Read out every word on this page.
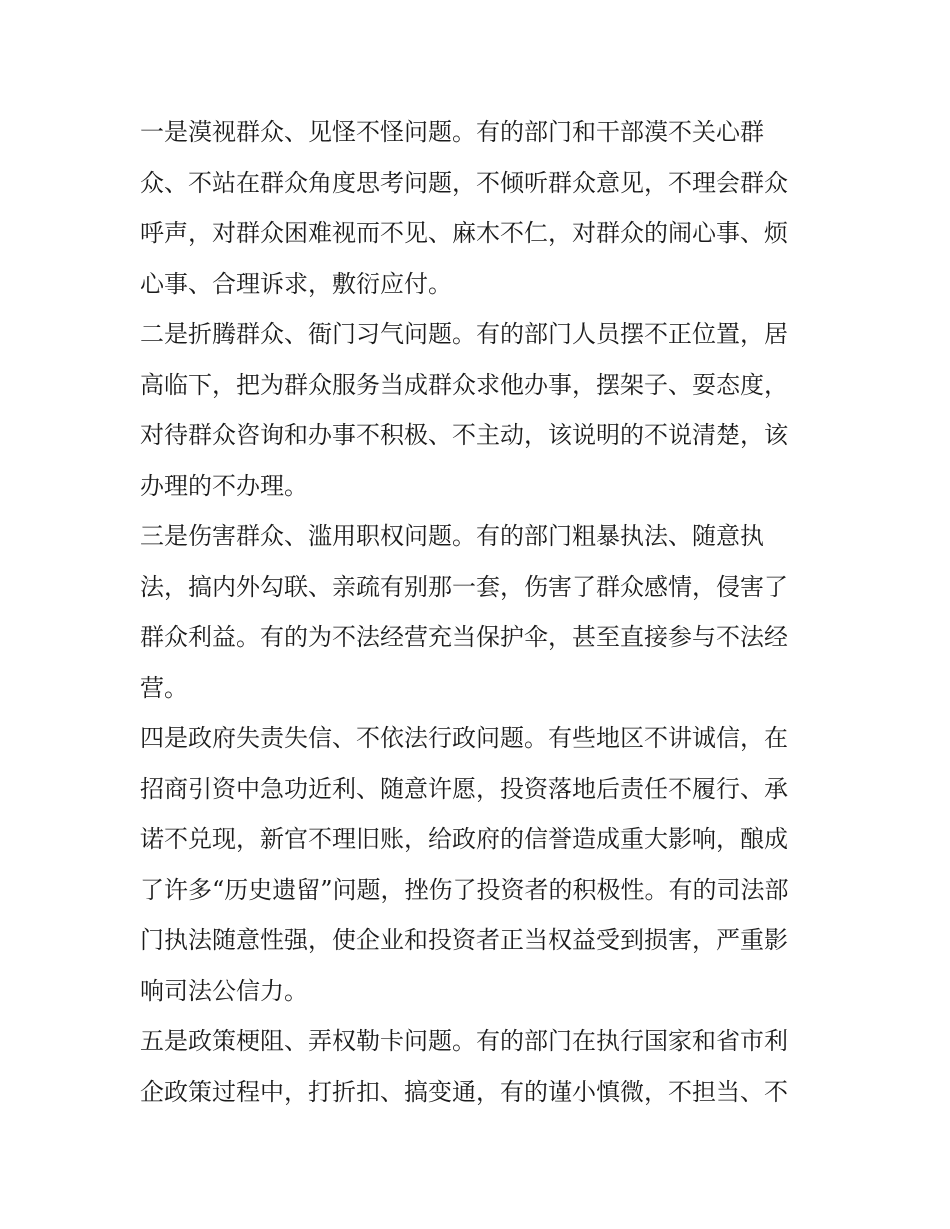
一是漠视群众、见怪不怪问题。有的部门和干部漠不关心群
众、不站在群众角度思考问题，不倾听群众意见，不理会群众
呼声，对群众困难视而不见、麻木不仁，对群众的闹心事、烦
心事、合理诉求，敷衍应付。

二是折腾群众、衙门习气问题。有的部门人员摆不正位置，居
高临下，把为群众服务当成群众求他办事，摆架子、耍态度，
对待群众咨询和办事不积极、不主动，该说明的不说清楚，该
办理的不办理。

三是伤害群众、滥用职权问题。有的部门粗暴执法、随意执
法，搞内外勾联、亲疏有别那一套，伤害了群众感情，侵害了
群众利益。有的为不法经营充当保护伞，甚至直接参与不法经
营。

四是政府失责失信、不依法行政问题。有些地区不讲诚信，在
招商引资中急功近利、随意许愿，投资落地后责任不履行、承
诺不兑现，新官不理旧账，给政府的信誉造成重大影响，酿成
了许多“历史遗留”问题，挫伤了投资者的积极性。有的司法部
门执法随意性强，使企业和投资者正当权益受到损害，严重影
响司法公信力。

五是政策梗阻、弄权勒卡问题。有的部门在执行国家和省市利
企政策过程中，打折扣、搞变通，有的谨小慎微，不担当、不
